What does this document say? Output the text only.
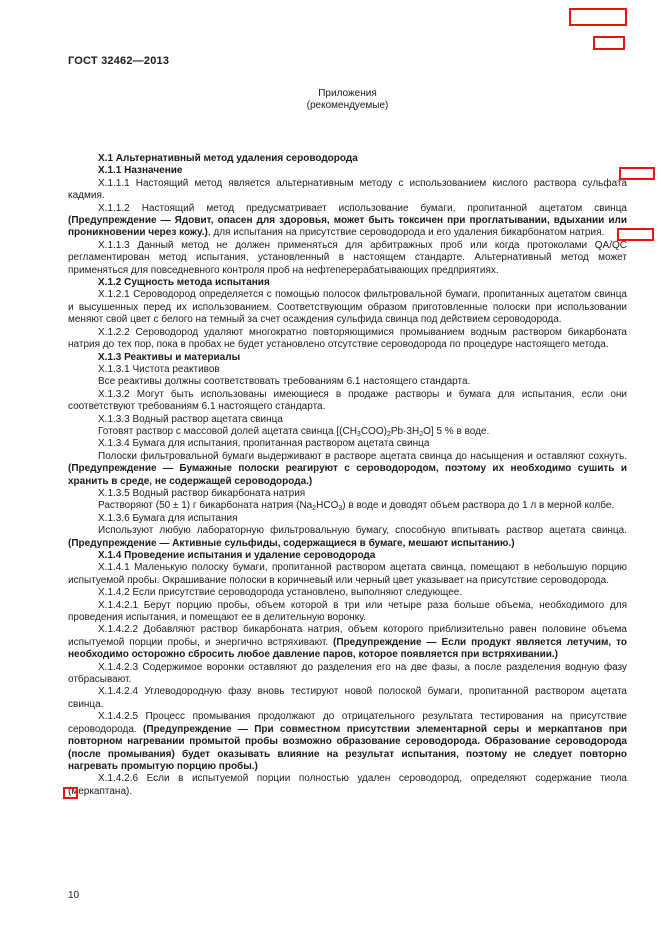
ГОСТ 32462—2013
Приложения
(рекомендуемые)

Х.1 Альтернативный метод удаления сероводорода

Х.1.1 Назначение

Х.1.1.1 Настоящий метод является альтернативным методу с использованием кислого раствора сульфата кадмия.

Х.1.1.2 Настоящий метод предусматривает использование бумаги, пропитанной ацетатом свинца (Предупреждение — Ядовит, опасен для здоровья, может быть токсичен при проглатывании, вдыхании или проникновении через кожу.), для испытания на присутствие сероводорода и его удаления бикарбонатом натрия.

Х.1.1.3 Данный метод не должен применяться для арбитражных проб или когда протоколами QA/QC регламентирован метод испытания, установленный в настоящем стандарте. Альтернативный метод может применяться для повседневного контроля проб на нефтеперерабатывающих предприятиях.

Х.1.2 Сущность метода испытания

Х.1.2.1 Сероводород определяется с помощью полосок фильтровальной бумаги, пропитанных ацетатом свинца и высушенных перед их использованием. Соответствующим образом приготовленные полоски при использовании меняют свой цвет с белого на темный за счет осаждения сульфида свинца под действием сероводорода.

Х.1.2.2 Сероводород удаляют многократно повторяющимися промыванием водным раствором бикарбоната натрия до тех пор, пока в пробах не будет установлено отсутствие сероводорода по процедуре настоящего метода.

Х.1.3 Реактивы и материалы

Х.1.3.1 Чистота реактивов

Все реактивы должны соответствовать требованиям 6.1 настоящего стандарта.

Х.1.3.2 Могут быть использованы имеющиеся в продаже растворы и бумага для испытания, если они соответствуют требованиям 6.1 настоящего стандарта.

Х.1.3.3 Водный раствор ацетата свинца

Готовят раствор с массовой долей ацетата свинца $[(CH_3COO)_2Pb\cdot 3H_2O]$ 5 % в воде.

Х.1.3.4 Бумага для испытания, пропитанная раствором ацетата свинца

Полоски фильтровальной бумаги выдерживают в растворе ацетата свинца до насыщения и оставляют сохнуть. (Предупреждение — Бумажные полоски реагируют с сероводородом, поэтому их необходимо сушить и хранить в среде, не содержащей сероводорода.)

Х.1.3.5 Водный раствор бикарбоната натрия

Растворяют (50 ± 1) г бикарбоната натрия $(Na_2HCO_3)$ в воде и доводят объем раствора до 1 л в мерной колбе.

Х.1.3.6 Бумага для испытания

Используют любую лабораторную фильтровальную бумагу, способную впитывать раствор ацетата свинца. (Предупреждение — Активные сульфиды, содержащиеся в бумаге, мешают испытанию.)

Х.1.4 Проведение испытания и удаление сероводорода

Х.1.4.1 Маленькую полоску бумаги, пропитанной раствором ацетата свинца, помещают в небольшую порцию испытуемой пробы. Окрашивание полоски в коричневый или черный цвет указывает на присутствие сероводорода.

Х.1.4.2 Если присутствие сероводорода установлено, выполняют следующее.

Х.1.4.2.1 Берут порцию пробы, объем которой в три или четыре раза больше объема, необходимого для проведения испытания, и помещают ее в делительную воронку.

Х.1.4.2.2 Добавляют раствор бикарбоната натрия, объем которого приблизительно равен половине объема испытуемой порции пробы, и энергично встряхивают. (Предупреждение — Если продукт является летучим, то необходимо осторожно сбросить любое давление паров, которое появляется при встряхивании.)

Х.1.4.2.3 Содержимое воронки оставляют до разделения его на две фазы, а после разделения водную фазу отбрасывают.

Х.1.4.2.4 Углеводородную фазу вновь тестируют новой полоской бумаги, пропитанной раствором ацетата свинца.

Х.1.4.2.5 Процесс промывания продолжают до отрицательного результата тестирования на присутствие сероводорода. (Предупреждение — При совместном присутствии элементарной серы и меркаптанов при повторном нагревании промытой пробы возможно образование сероводорода. Образование сероводорода (после промывания) будет оказывать влияние на результат испытания, поэтому не следует повторно нагревать промытую порцию пробы.)

Х.1.4.2.6 Если в испытуемой порции полностью удален сероводород, определяют содержание тиола (меркаптана).

10
